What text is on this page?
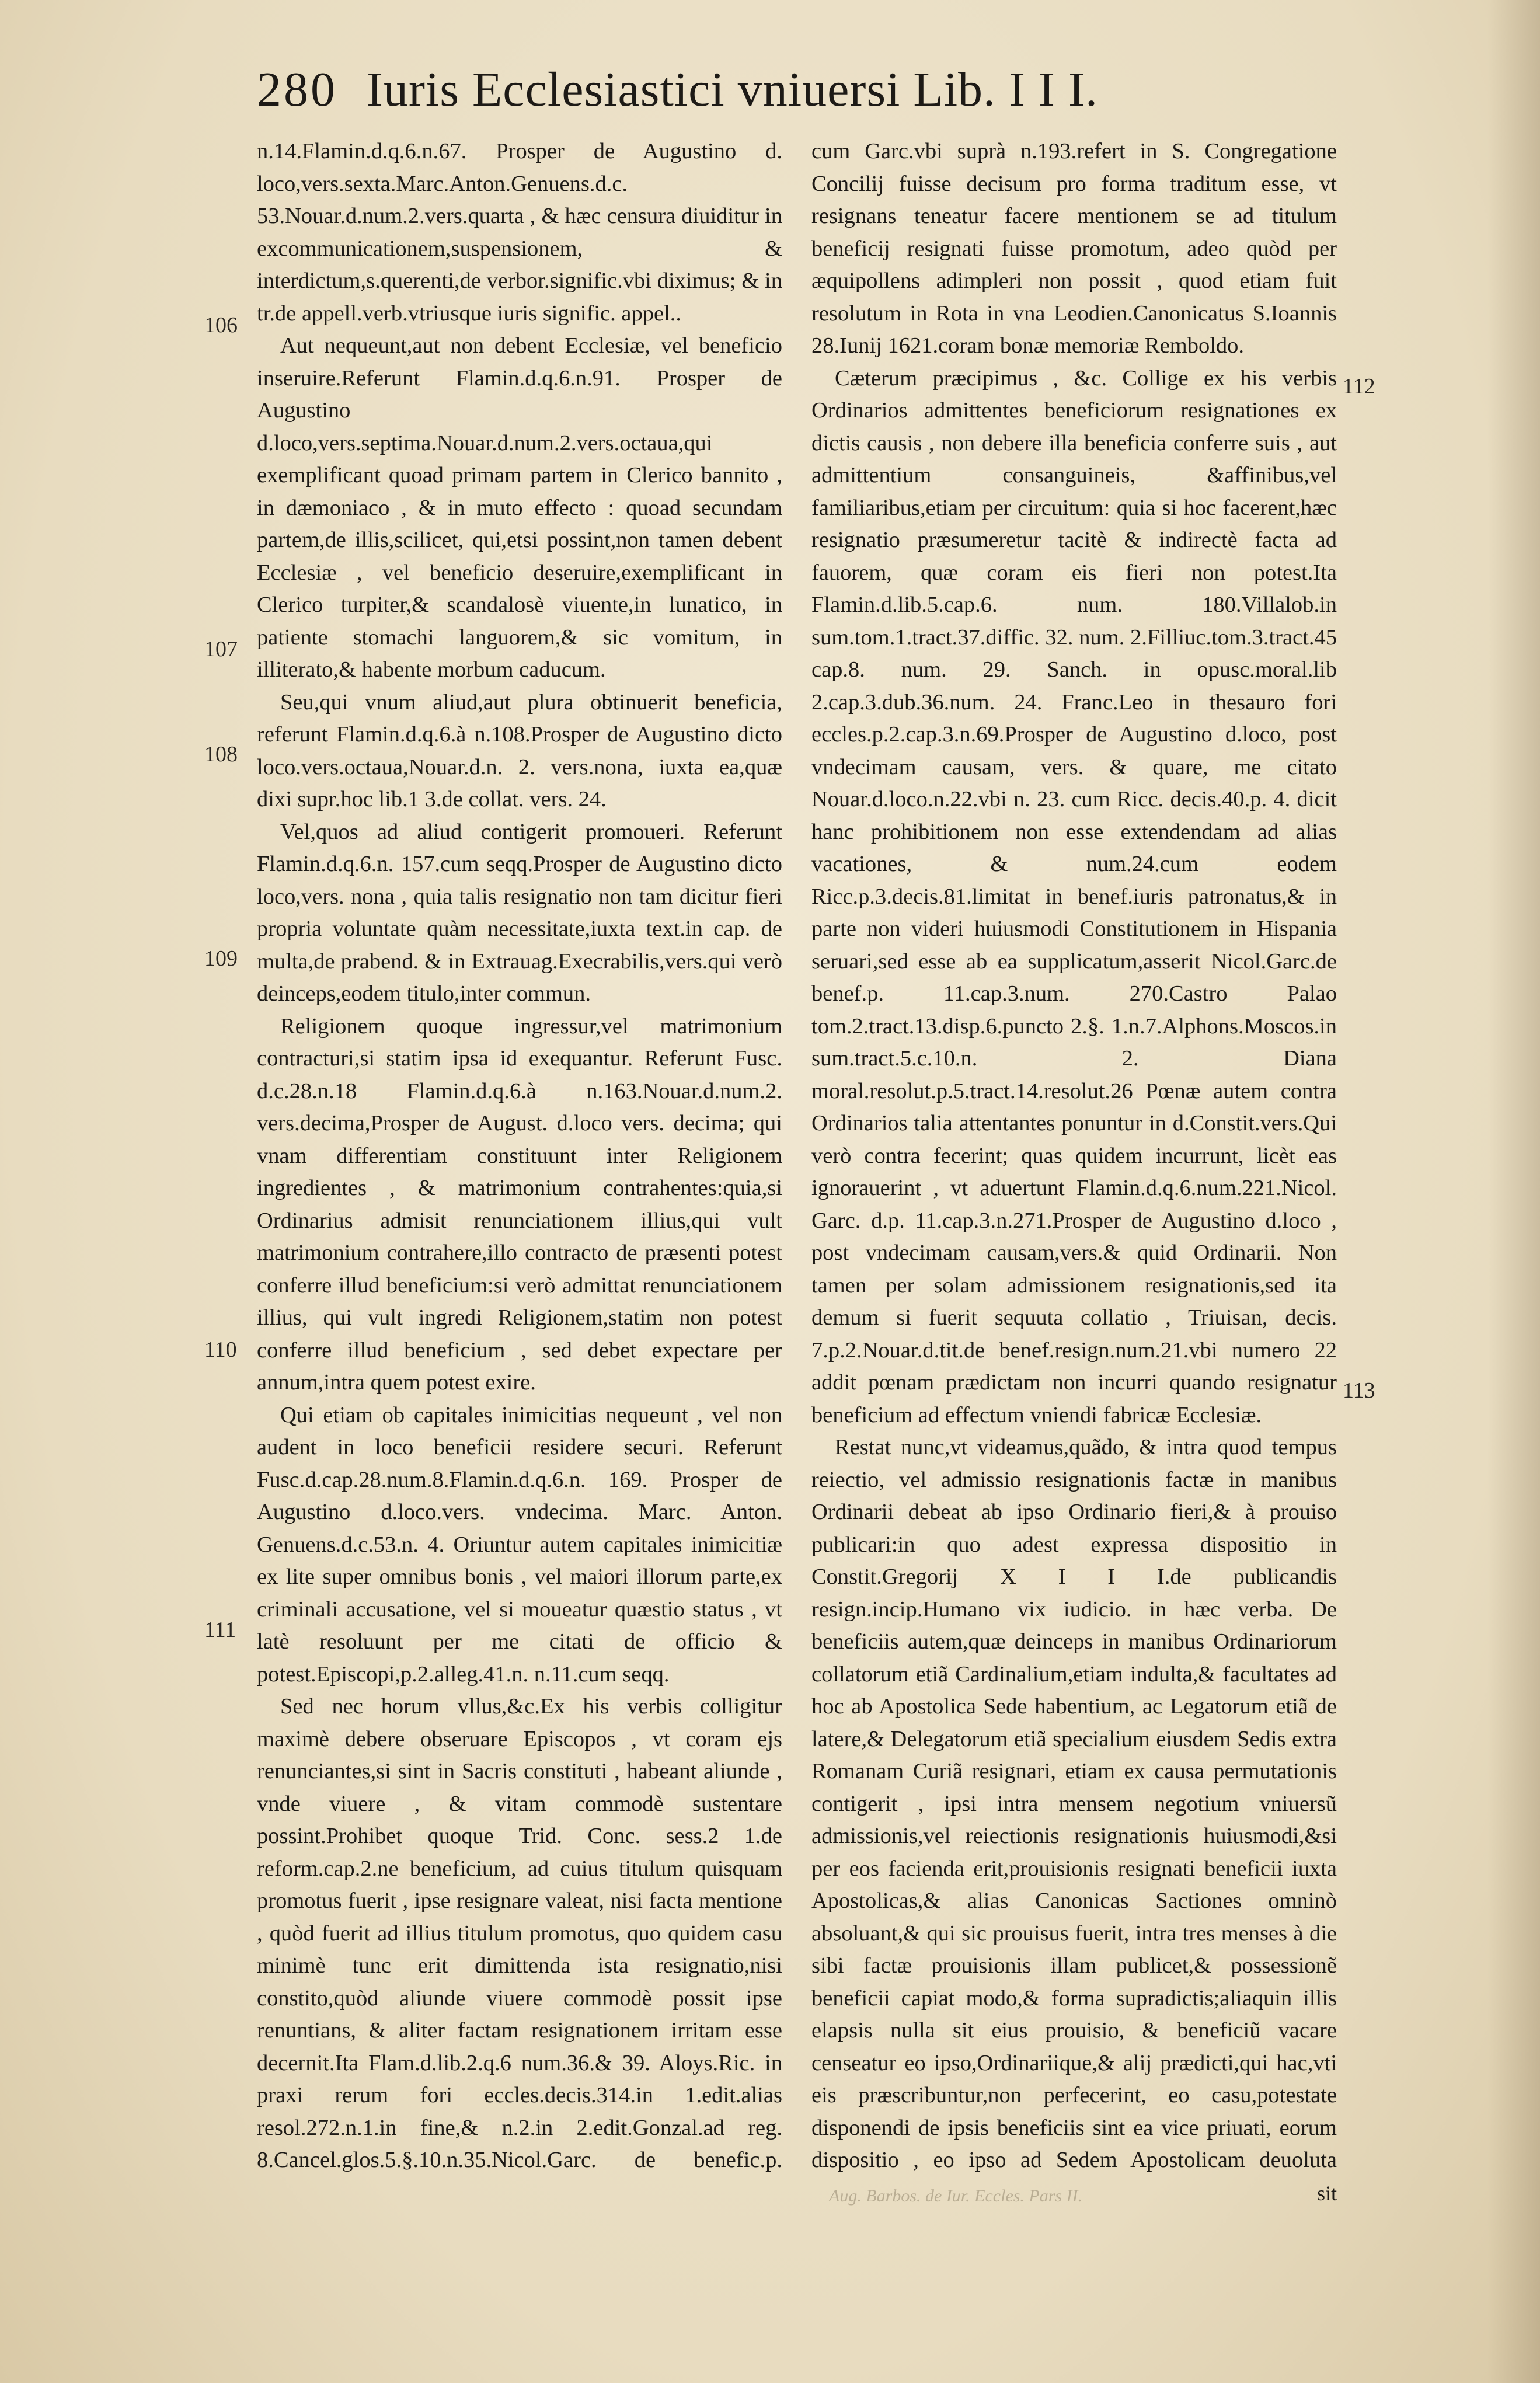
280 Iuris Ecclesiastici vniuersi Lib. I I I.
106
107
108
109
110
111
112
113

n.14.Flamin.d.q.6.n.67. Prosper de Augustino d. loco,vers.sexta.Marc.Anton.Genuens.d.c. 53.Nouar.d.num.2.vers.quarta , & hæc censura diuiditur in excommunicationem,suspensionem, & interdictum,s.querenti,de verbor.signific.vbi diximus; & in tr.de appell.verb.vtriusque iuris signific. appel..

Aut nequeunt,aut non debent Ecclesiæ, vel beneficio inseruire.Referunt Flamin.d.q.6.n.91. Prosper de Augustino d.loco,vers.septima.Nouar.d.num.2.vers.octaua,qui exemplificant quoad primam partem in Clerico bannito , in dæmoniaco , & in muto effecto : quoad secundam partem,de illis,scilicet, qui,etsi possint,non tamen debent Ecclesiæ , vel beneficio deseruire,exemplificant in Clerico turpiter,& scandalosè viuente,in lunatico, in patiente stomachi languorem,& sic vomitum, in illiterato,& habente morbum caducum.

Seu,qui vnum aliud,aut plura obtinuerit beneficia, referunt Flamin.d.q.6.à n.108.Prosper de Augustino dicto loco.vers.octaua,Nouar.d.n. 2. vers.nona, iuxta ea,quæ dixi supr.hoc lib.1 3.de collat. vers. 24.

Vel,quos ad aliud contigerit promoueri. Referunt Flamin.d.q.6.n. 157.cum seqq.Prosper de Augustino dicto loco,vers. nona , quia talis resignatio non tam dicitur fieri propria voluntate quàm necessitate,iuxta text.in cap. de multa,de prabend. & in Extrauag.Execrabilis,vers.qui verò deinceps,eodem titulo,inter commun.

Religionem quoque ingressur,vel matrimonium contracturi,si statim ipsa id exequantur. Referunt Fusc. d.c.28.n.18 Flamin.d.q.6.à n.163.Nouar.d.num.2. vers.decima,Prosper de August. d.loco vers. decima; qui vnam differentiam constituunt inter Religionem ingredientes , & matrimonium contrahentes:quia,si Ordinarius admisit renunciationem illius,qui vult matrimonium contrahere,illo contracto de præsenti potest conferre illud beneficium:si verò admittat renunciationem illius, qui vult ingredi Religionem,statim non potest conferre illud beneficium , sed debet expectare per annum,intra quem potest exire.

Qui etiam ob capitales inimicitias nequeunt , vel non audent in loco beneficii residere securi. Referunt Fusc.d.cap.28.num.8.Flamin.d.q.6.n. 169. Prosper de Augustino d.loco.vers. vndecima. Marc. Anton. Genuens.d.c.53.n. 4. Oriuntur autem capitales inimicitiæ ex lite super omnibus bonis , vel maiori illorum parte,ex criminali accusatione, vel si moueatur quæstio status , vt latè resoluunt per me citati de officio & potest.Episcopi,p.2.alleg.41.n. n.11.cum seqq.

Sed nec horum vllus,&c.Ex his verbis colligitur maximè debere obseruare Episcopos , vt coram ejs renunciantes,si sint in Sacris constituti , habeant aliunde , vnde viuere , & vitam commodè sustentare possint.Prohibet quoque Trid. Conc. sess.2 1.de reform.cap.2.ne beneficium, ad cuius titulum quisquam promotus fuerit , ipse resignare valeat, nisi facta mentione , quòd fuerit ad illius titulum promotus, quo quidem casu minimè tunc erit dimittenda ista resignatio,nisi constito,quòd aliunde viuere commodè possit ipse renuntians, & aliter factam resignationem irritam esse decernit.Ita Flam.d.lib.2.q.6 num.36.& 39. Aloys.Ric. in praxi rerum fori eccles.decis.314.in 1.edit.alias resol.272.n.1.in fine,& n.2.in 2.edit.Gonzal.ad reg. 8.Cancel.glos.5.§.10.n.35.Nicol.Garc. de benefic.p.

cum Garc.vbi suprà n.193.refert in S. Congregatione Concilij fuisse decisum pro forma traditum esse, vt resignans teneatur facere mentionem se ad titulum beneficij resignati fuisse promotum, adeo quòd per æquipollens adimpleri non possit , quod etiam fuit resolutum in Rota in vna Leodien.Canonicatus S.Ioannis 28.Iunij 1621.coram bonæ memoriæ Remboldo.

Cæterum præcipimus , &c. Collige ex his verbis Ordinarios admittentes beneficiorum resignationes ex dictis causis , non debere illa beneficia conferre suis , aut admittentium consanguineis, &affinibus,vel familiaribus,etiam per circuitum: quia si hoc facerent,hæc resignatio præsumeretur tacitè & indirectè facta ad fauorem, quæ coram eis fieri non potest.Ita Flamin.d.lib.5.cap.6. num. 180.Villalob.in sum.tom.1.tract.37.diffic. 32. num. 2.Filliuc.tom.3.tract.45 cap.8. num. 29. Sanch. in opusc.moral.lib 2.cap.3.dub.36.num. 24. Franc.Leo in thesauro fori eccles.p.2.cap.3.n.69.Prosper de Augustino d.loco, post vndecimam causam, vers. & quare, me citato Nouar.d.loco.n.22.vbi n. 23. cum Ricc. decis.40.p. 4. dicit hanc prohibitionem non esse extendendam ad alias vacationes, & num.24.cum eodem Ricc.p.3.decis.81.limitat in benef.iuris patronatus,& in parte non videri huiusmodi Constitutionem in Hispania seruari,sed esse ab ea supplicatum,asserit Nicol.Garc.de benef.p. 11.cap.3.num. 270.Castro Palao tom.2.tract.13.disp.6.puncto 2.§. 1.n.7.Alphons.Moscos.in sum.tract.5.c.10.n. 2. Diana moral.resolut.p.5.tract.14.resolut.26 Pœnæ autem contra Ordinarios talia attentantes ponuntur in d.Constit.vers.Qui verò contra fecerint; quas quidem incurrunt, licèt eas ignorauerint , vt aduertunt Flamin.d.q.6.num.221.Nicol. Garc. d.p. 11.cap.3.n.271.Prosper de Augustino d.loco , post vndecimam causam,vers.& quid Ordinarii. Non tamen per solam admissionem resignationis,sed ita demum si fuerit sequuta collatio , Triuisan, decis. 7.p.2.Nouar.d.tit.de benef.resign.num.21.vbi numero 22 addit pœnam prædictam non incurri quando resignatur beneficium ad effectum vniendi fabricæ Ecclesiæ.

Restat nunc,vt videamus,quãdo, & intra quod tempus reiectio, vel admissio resignationis factæ in manibus Ordinarii debeat ab ipso Ordinario fieri,& à prouiso publicari:in quo adest expressa dispositio in Constit.Gregorij X I I I.de publicandis resign.incip.Humano vix iudicio. in hæc verba. De beneficiis autem,quæ deinceps in manibus Ordinariorum collatorum etiã Cardinalium,etiam indulta,& facultates ad hoc ab Apostolica Sede habentium, ac Legatorum etiã de latere,& Delegatorum etiã specialium eiusdem Sedis extra Romanam Curiã resignari, etiam ex causa permutationis contigerit , ipsi intra mensem negotium vniuersũ admissionis,vel reiectionis resignationis huiusmodi,&si per eos facienda erit,prouisionis resignati beneficii iuxta Apostolicas,& alias Canonicas Sactiones omninò absoluant,& qui sic prouisus fuerit, intra tres menses à die sibi factæ prouisionis illam publicet,& possessionẽ beneficii capiat modo,& forma supradictis;aliaquin illis elapsis nulla sit eius prouisio, & beneficiũ vacare censeatur eo ipso,Ordinariique,& alij prædicti,qui hac,vti eis præscribuntur,non perfecerint, eo casu,potestate disponendi de ipsis beneficiis sint ea vice priuati, eorum dispositio , eo ipso ad Sedem Apostolicam deuoluta

sit
Aug. Barbos. de Iur. Eccles. Pars II.
